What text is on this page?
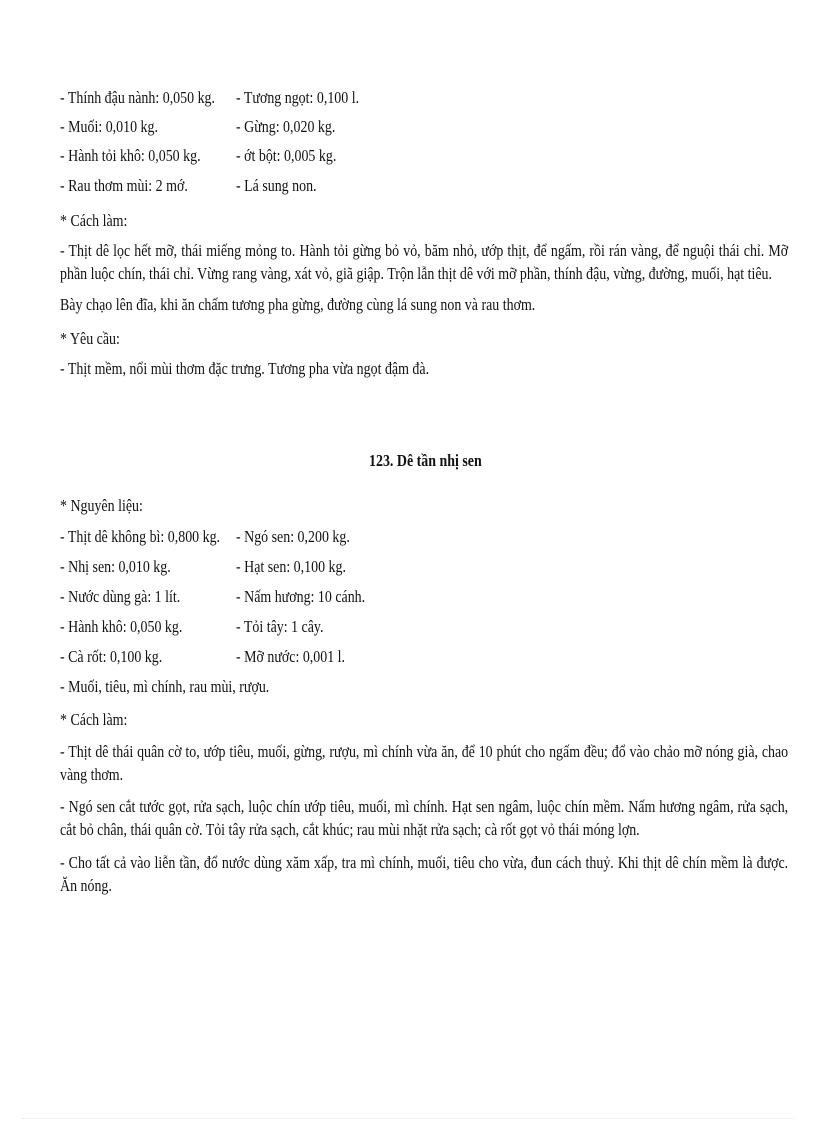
- Thính đậu nành: 0,050 kg. - Tương ngọt: 0,100 l.
- Muối: 0,010 kg.	- Gừng: 0,020 kg.
- Hành tỏi khô: 0,050 kg. - ớt bột: 0,005 kg.
- Rau thơm mùi: 2 mớ.	- Lá sung non.
* Cách làm:
- Thịt dê lọc hết mỡ, thái miếng mỏng to. Hành tỏi gừng bỏ vỏ, băm nhỏ, ướp thịt, để ngấm, rồi rán vàng, để nguội thái chỉ. Mỡ phần luộc chín, thái chỉ. Vừng rang vàng, xát vỏ, giã giập. Trộn lẫn thịt dê với mỡ phần, thính đậu, vừng, đường, muối, hạt tiêu.
Bày chạo lên đĩa, khi ăn chấm tương pha gừng, đường cùng lá sung non và rau thơm.
* Yêu cầu:
- Thịt mềm, nổi mùi thơm đặc trưng. Tương pha vừa ngọt đậm đà.
123. Dê tần nhị sen
* Nguyên liệu:
- Thịt dê không bì: 0,800 kg. - Ngó sen: 0,200 kg.
- Nhị sen: 0,010 kg.	- Hạt sen: 0,100 kg.
- Nước dùng gà: 1 lít.	- Nấm hương: 10 cánh.
- Hành khô: 0,050 kg.	- Tỏi tây: 1 cây.
- Cà rốt: 0,100 kg.	- Mỡ nước: 0,001 l.
- Muối, tiêu, mì chính, rau mùi, rượu.
* Cách làm:
- Thịt dê thái quân cờ to, ướp tiêu, muối, gừng, rượu, mì chính vừa ăn, để 10 phút cho ngấm đều; đổ vào chảo mỡ nóng già, chao vàng thơm.
- Ngó sen cắt tước gọt, rửa sạch, luộc chín ướp tiêu, muối, mì chính. Hạt sen ngâm, luộc chín mềm. Nấm hương ngâm, rửa sạch, cắt bỏ chân, thái quân cờ. Tỏi tây rửa sạch, cắt khúc; rau mùi nhặt rửa sạch; cà rốt gọt vỏ thái móng lợn.
- Cho tất cả vào liễn tần, đổ nước dùng xăm xấp, tra mì chính, muối, tiêu cho vừa, đun cách thuỷ. Khi thịt dê chín mềm là được. Ăn nóng.
